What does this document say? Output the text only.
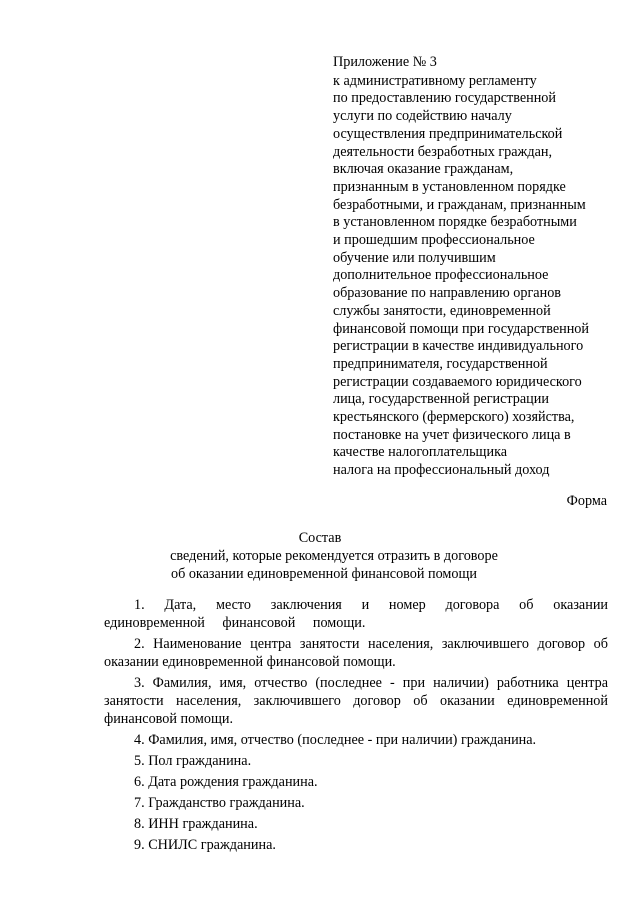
Приложение № 3
к административному регламенту
по предоставлению государственной
услуги по содействию началу
осуществления предпринимательской
деятельности безработных граждан,
включая оказание гражданам,
признанным в установленном порядке
безработными, и гражданам, признанным
в установленном порядке безработными
и прошедшим профессиональное
обучение или получившим
дополнительное профессиональное
образование по направлению органов
службы занятости, единовременной
финансовой помощи при государственной
регистрации в качестве индивидуального
предпринимателя, государственной
регистрации создаваемого юридического
лица, государственной регистрации
крестьянского (фермерского) хозяйства,
постановке на учет физического лица в
качестве налогоплательщика
налога на профессиональный доход
Форма
Состав
сведений, которые рекомендуется отразить в договоре
об оказании единовременной финансовой помощи

1. Дата, место заключения и номер договора об оказании единовременной финансовой помощи.

2. Наименование центра занятости населения, заключившего договор об оказании единовременной финансовой помощи.

3. Фамилия, имя, отчество (последнее - при наличии) работника центра занятости населения, заключившего договор об оказании единовременной финансовой помощи.

4. Фамилия, имя, отчество (последнее - при наличии) гражданина.

5. Пол гражданина.

6. Дата рождения гражданина.

7. Гражданство гражданина.

8. ИНН гражданина.

9. СНИЛС гражданина.
